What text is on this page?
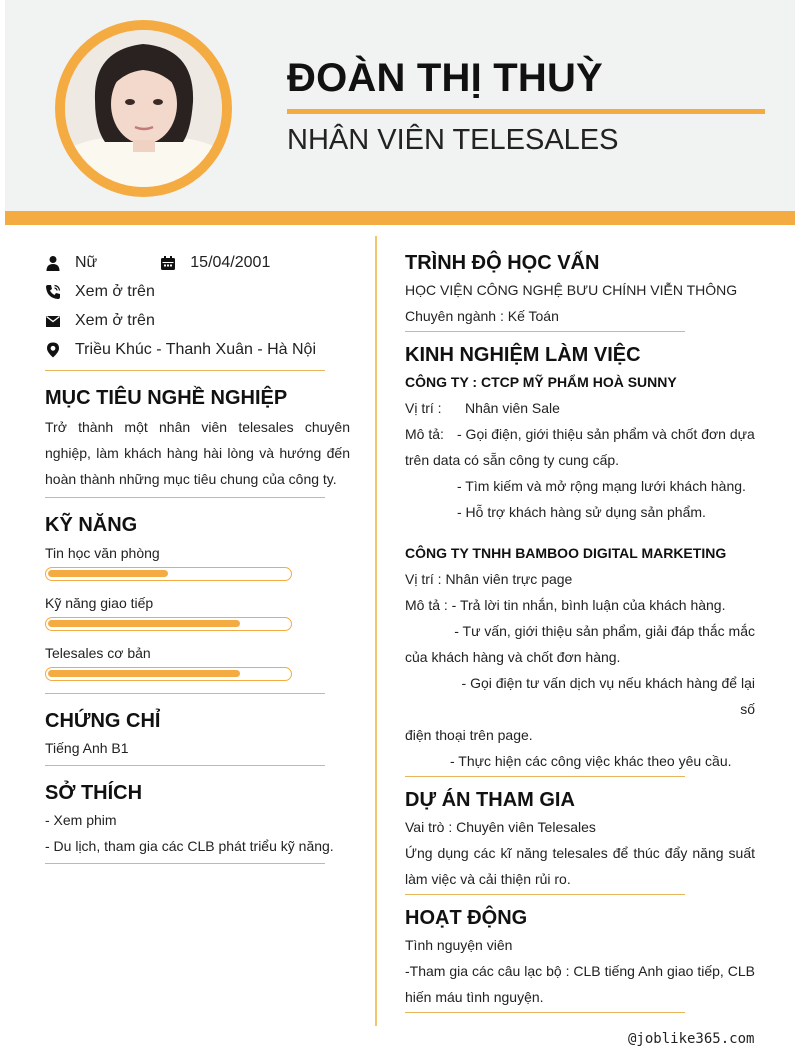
ĐOÀN THỊ THUỲ
NHÂN VIÊN TELESALES
Nữ	15/04/2001
Xem ở trên
Xem ở trên
Triều Khúc - Thanh Xuân - Hà Nội
MỤC TIÊU NGHỀ NGHIỆP
Trở thành một nhân viên telesales chuyên nghiệp, làm khách hàng hài lòng và hướng đến hoàn thành những mục tiêu chung của công ty.
KỸ NĂNG
Tin học văn phòng
Kỹ năng giao tiếp
Telesales cơ bản
CHỨNG CHỈ
Tiếng Anh B1
SỞ THÍCH
- Xem phim
- Du lịch, tham gia các CLB phát triểu kỹ năng.
TRÌNH ĐỘ HỌC VẤN
HỌC VIỆN CÔNG NGHỆ BƯU CHÍNH VIỄN THÔNG
Chuyên ngành : Kế Toán
KINH NGHIỆM LÀM VIỆC
CÔNG TY : CTCP MỸ PHẨM HOÀ SUNNY
Vị trí : Nhân viên Sale
Mô tả: - Gọi điện, giới thiệu sản phẩm và chốt đơn dựa
trên data có sẵn công ty cung cấp.
- Tìm kiếm và mở rộng mạng lưới khách hàng.
- Hỗ trợ khách hàng sử dụng sản phẩm.
CÔNG TY TNHH BAMBOO DIGITAL MARKETING
Vị trí : Nhân viên trực page
Mô tả : - Trả lời tin nhắn, bình luận của khách hàng.
- Tư vấn, giới thiệu sản phẩm, giải đáp thắc mắc
của khách hàng và chốt đơn hàng.
- Gọi điện tư vấn dịch vụ nếu khách hàng để lại số
điện thoại trên page.
- Thực hiện các công việc khác theo yêu cầu.
DỰ ÁN THAM GIA
Vai trò : Chuyên viên Telesales
Ứng dụng các kĩ năng telesales để thúc đẩy năng suất làm việc và cải thiện rủi ro.
HOẠT ĐỘNG
Tình nguyện viên
-Tham gia các câu lạc bộ : CLB tiếng Anh giao tiếp, CLB hiến máu tình nguyện.
@joblike365.com
